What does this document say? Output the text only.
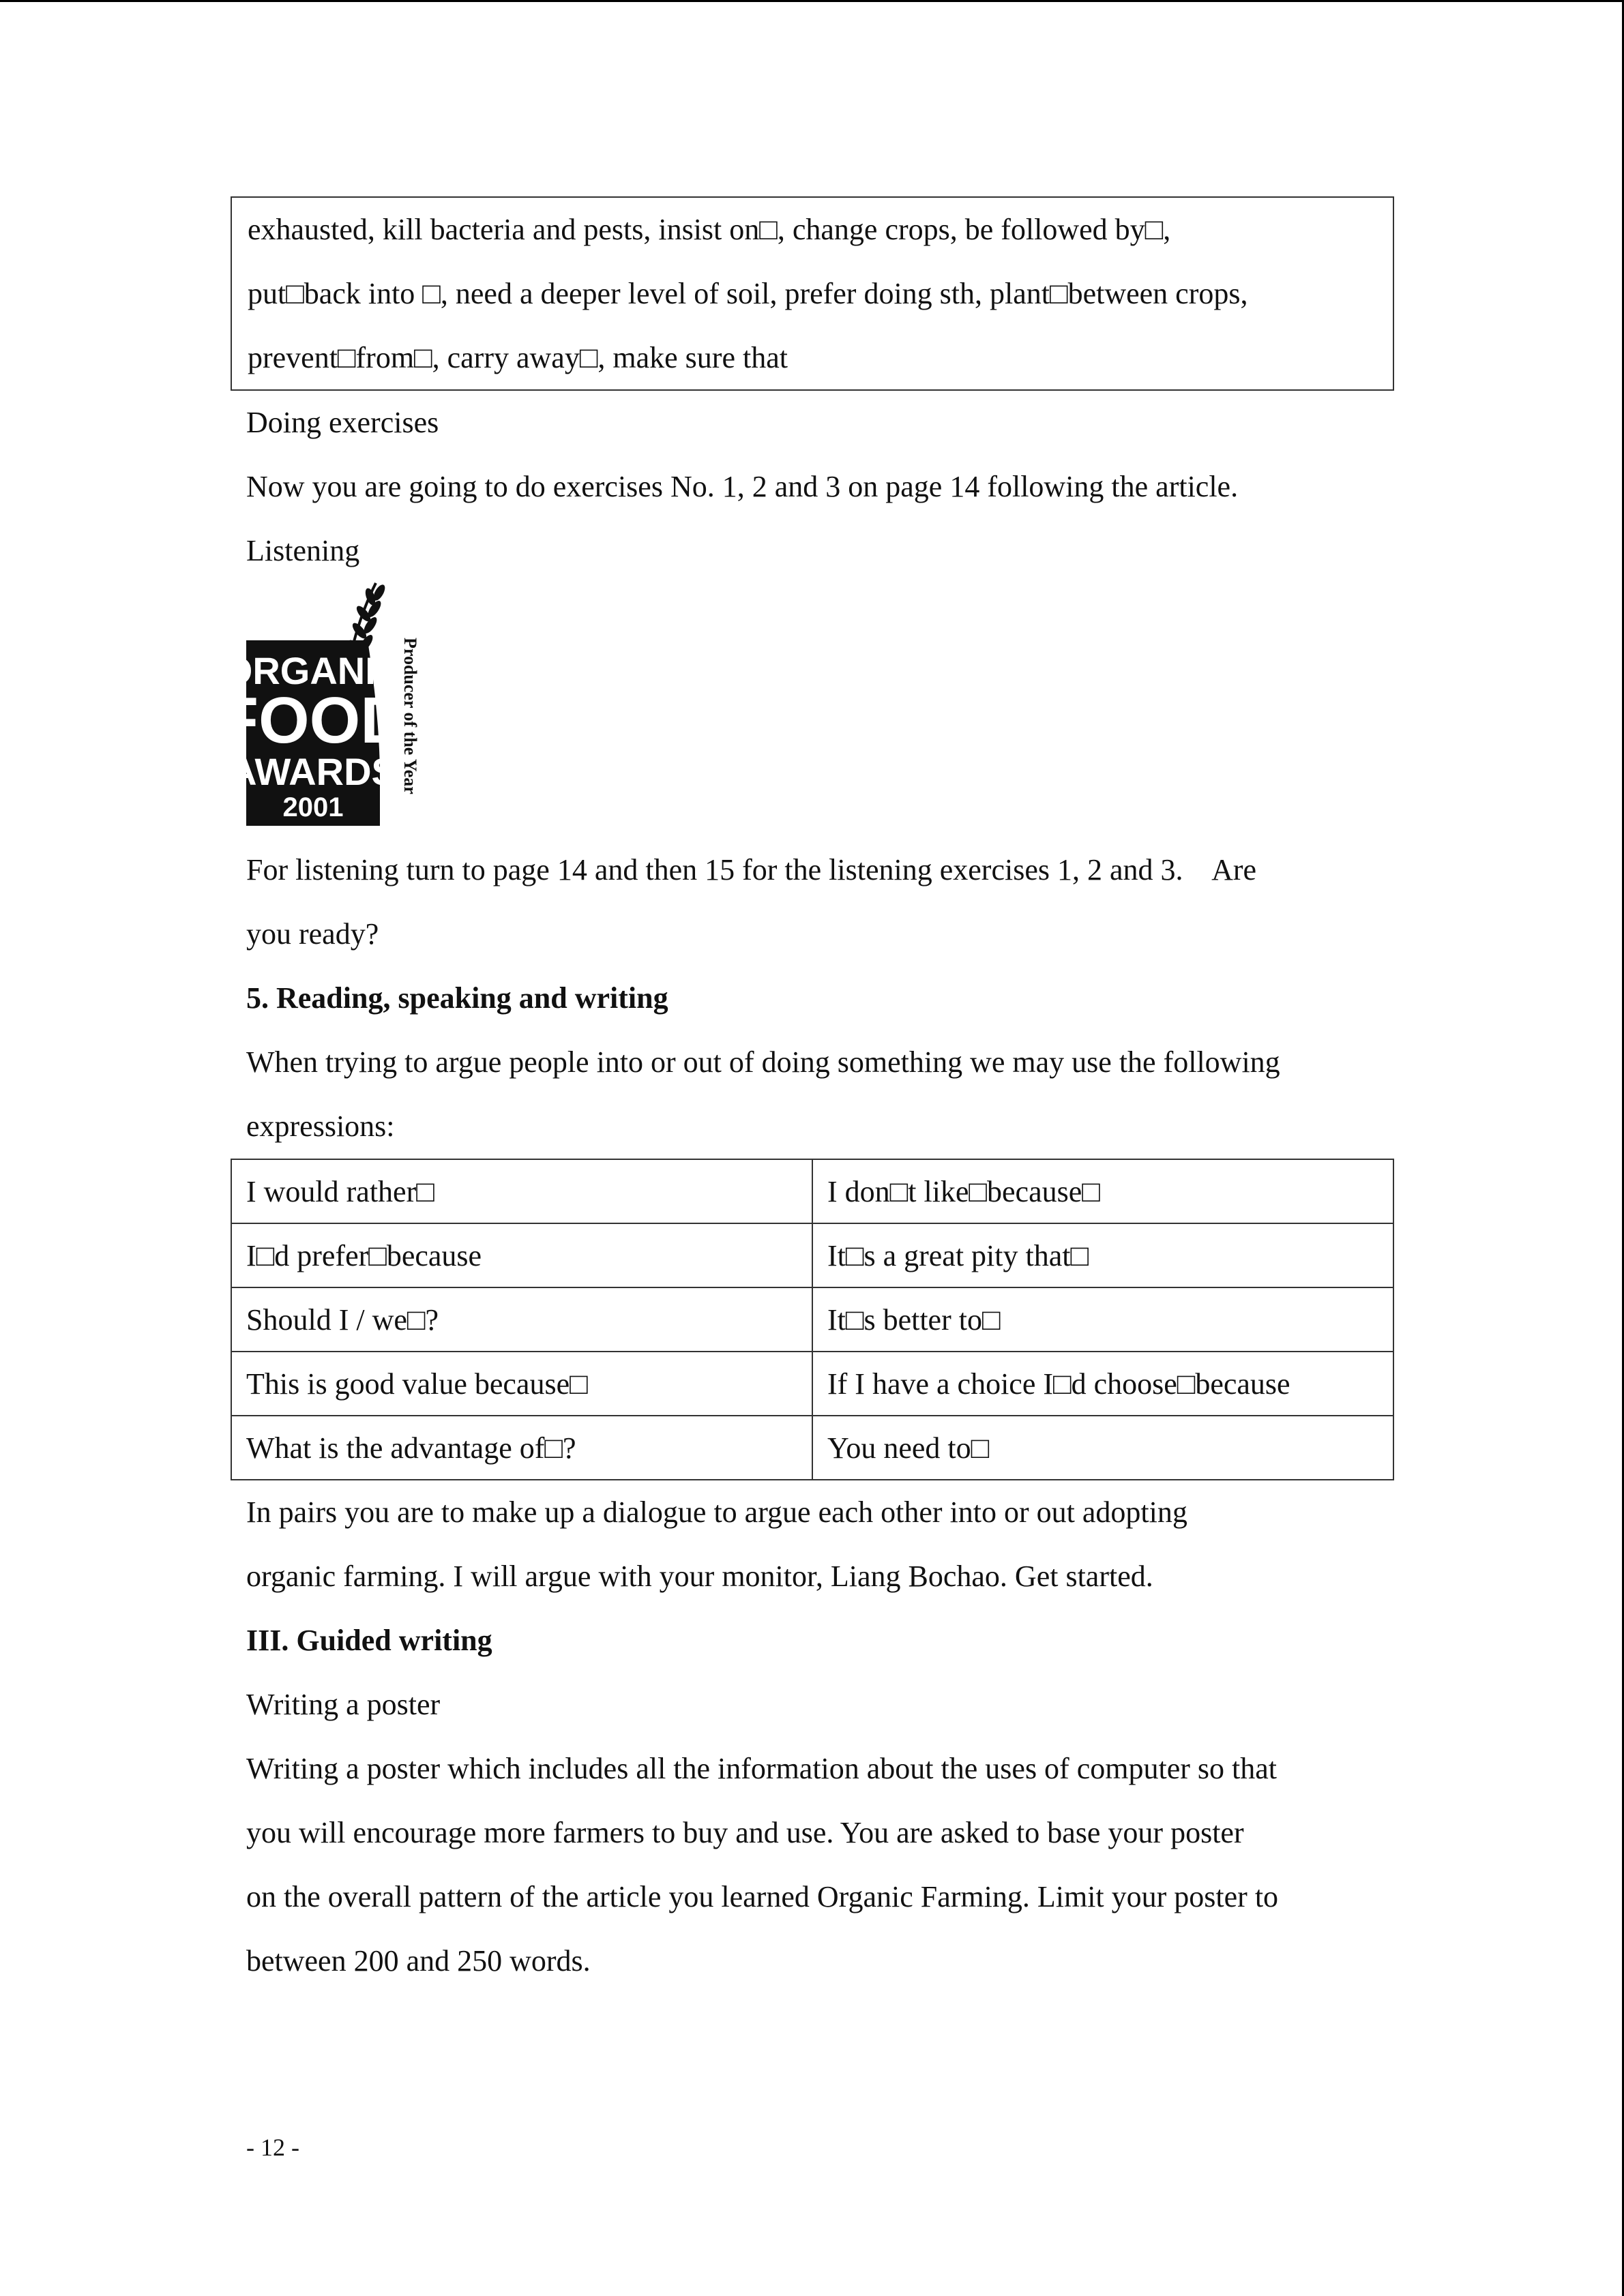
exhausted, kill bacteria and pests, insist on□, change crops, be followed by□,
put□back into □, need a deeper level of soil, prefer doing sth, plant□between crops,
prevent□from□, carry away□, make sure that
Doing exercises
Now you are going to do exercises No. 1, 2 and 3 on page 14 following the article.
Listening
ORGANIC
FOOD
AWARDS
2001
Producer of the Year
For listening turn to page 14 and then 15 for the listening exercises 1, 2 and 3.    Are
you ready?
5. Reading, speaking and writing
When trying to argue people into or out of doing something we may use the following
expressions:
I would rather□	I don□t like□because□
I□d prefer□because	It□s a great pity that□
Should I / we□?	It□s better to□
This is good value because□	If I have a choice I□d choose□because
What is the advantage of□?	You need to□
In pairs you are to make up a dialogue to argue each other into or out adopting
organic farming. I will argue with your monitor, Liang Bochao. Get started.
III. Guided writing
Writing a poster
Writing a poster which includes all the information about the uses of computer so that
you will encourage more farmers to buy and use. You are asked to base your poster
on the overall pattern of the article you learned Organic Farming. Limit your poster to
between 200 and 250 words.
- 12 -
